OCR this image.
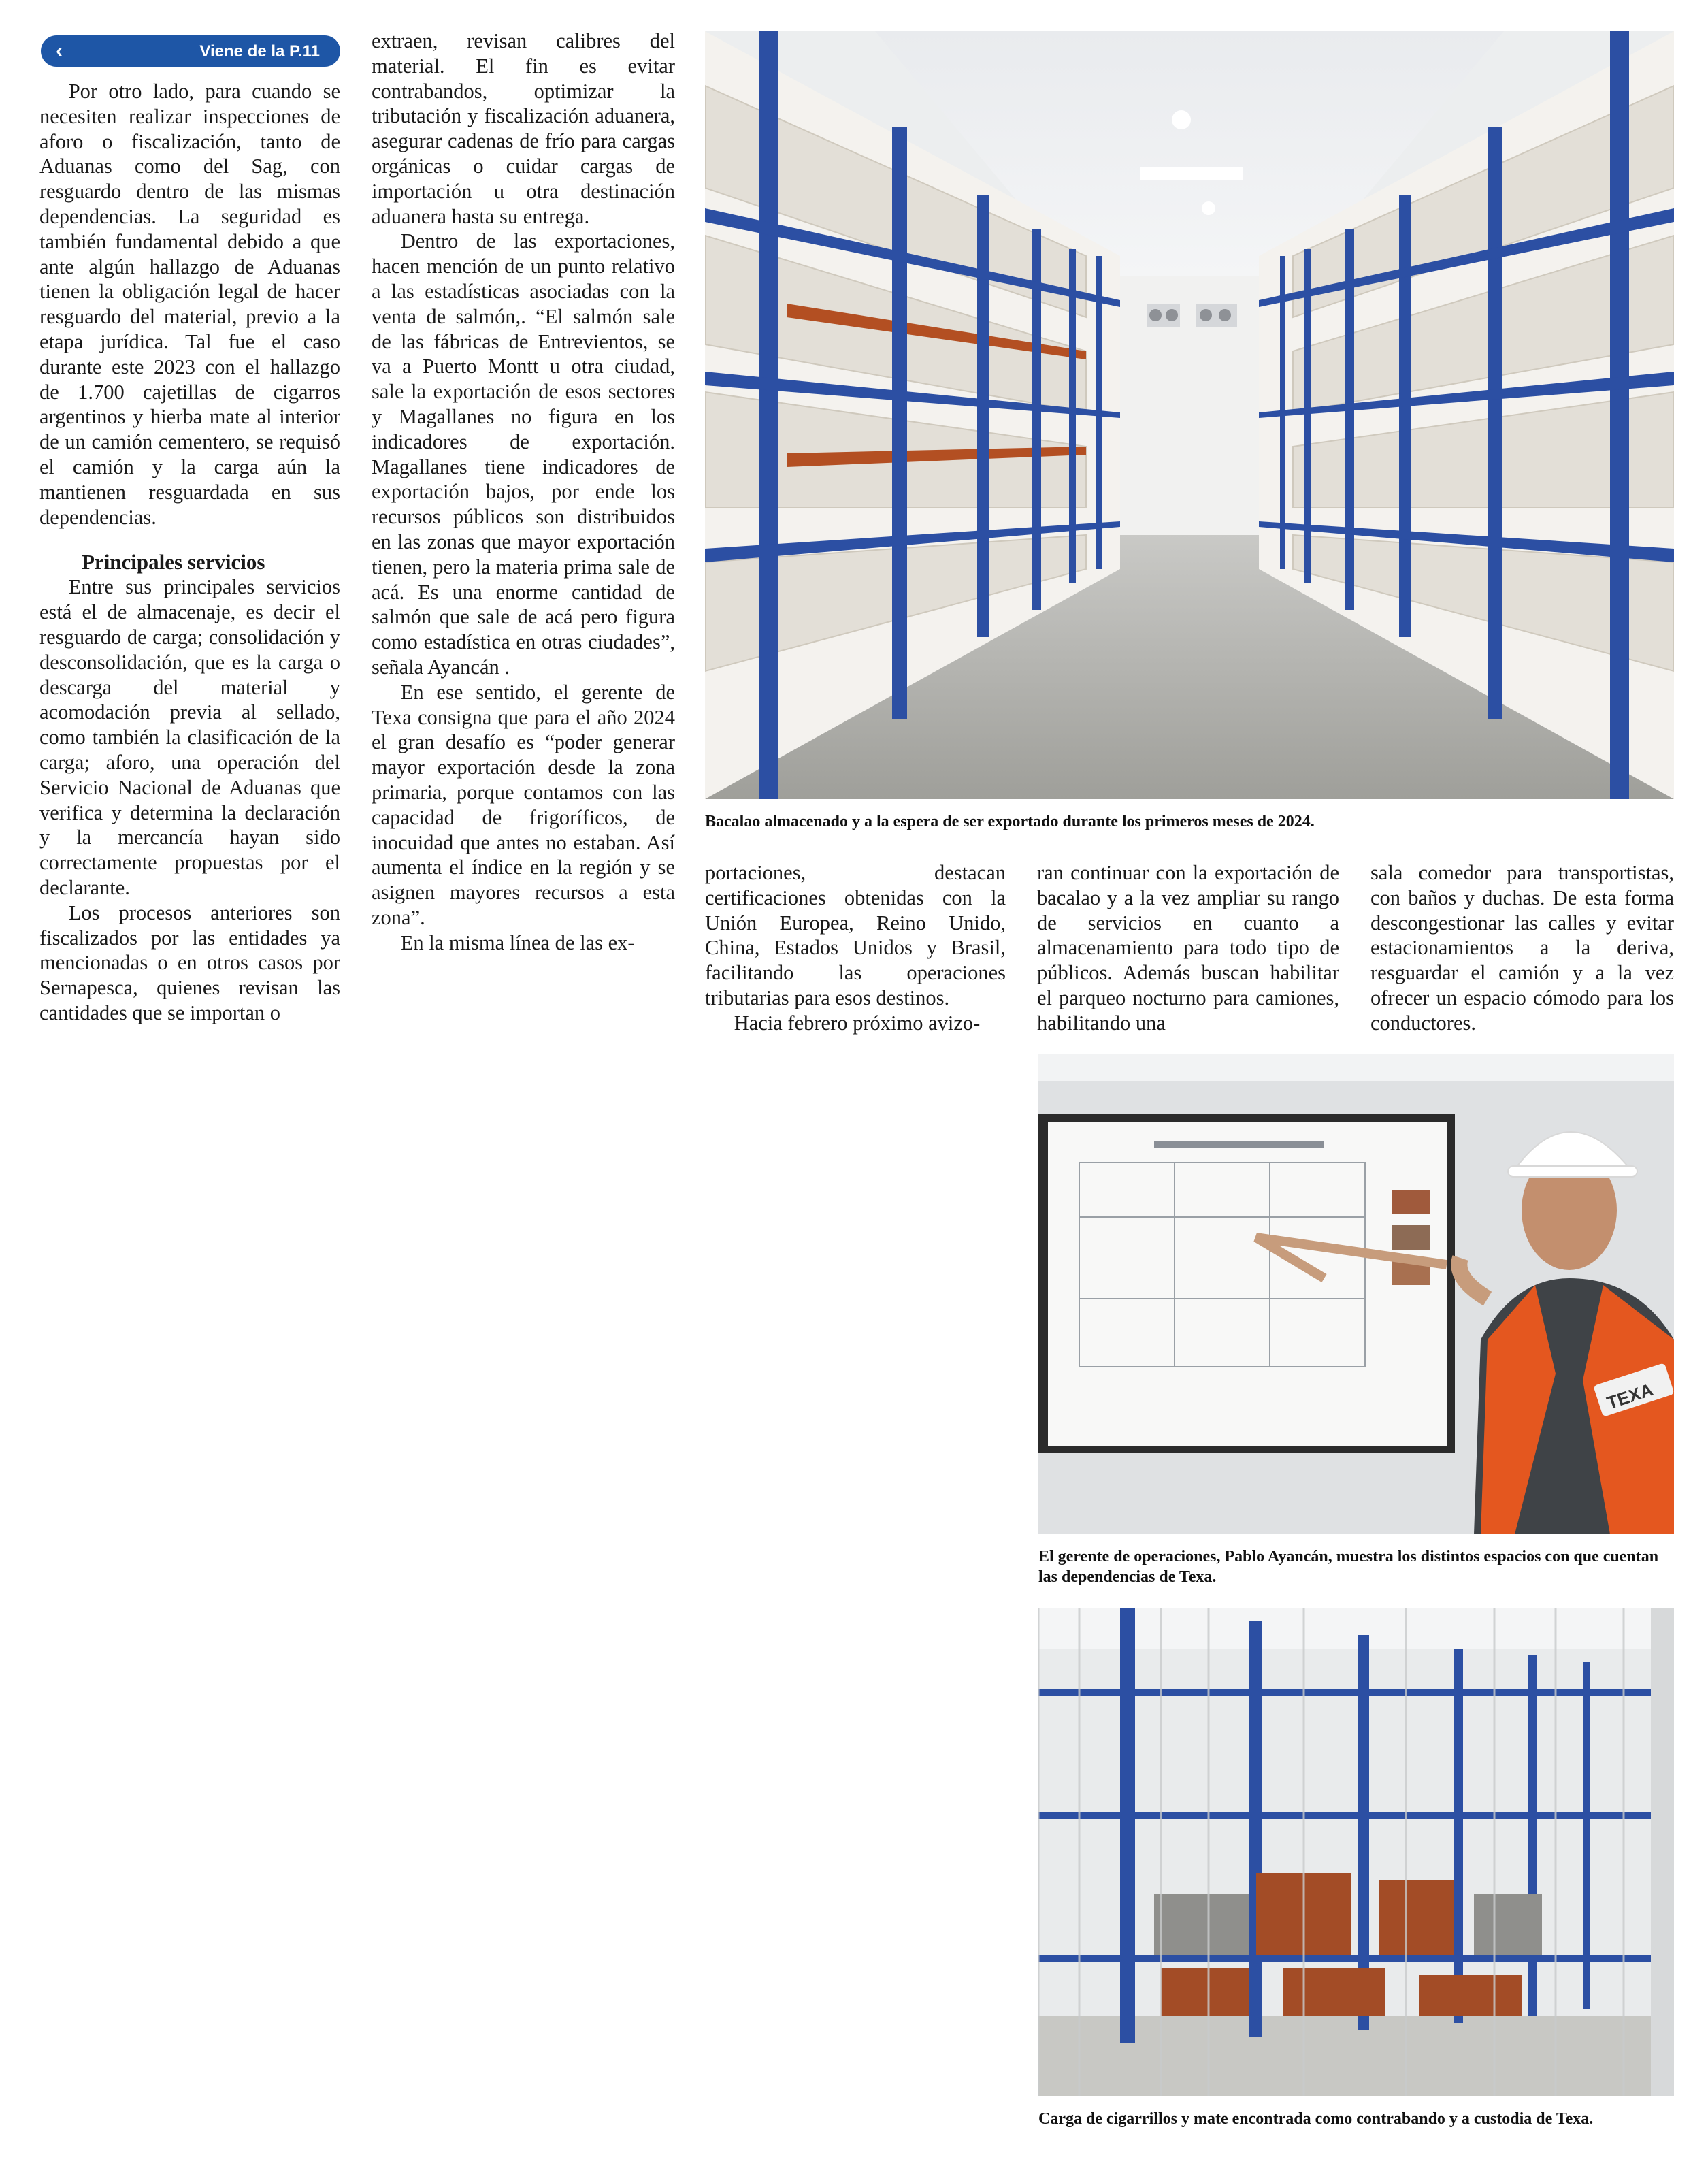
‹	Viene de la P.11

Por otro lado, para cuando se necesiten realizar inspecciones de aforo o fiscalización, tanto de Aduanas como del Sag, con resguardo dentro de las mismas dependencias. La seguridad es también fundamental debido a que ante algún hallazgo de Aduanas tienen la obligación legal de hacer resguardo del material, previo a la etapa jurídica. Tal fue el caso durante este 2023 con el hallazgo de 1.700 cajetillas de cigarros argentinos y hierba mate al interior de un camión cementero, se requisó el camión y la carga aún la mantienen resguardada en sus dependencias.

Principales servicios

Entre sus principales servicios está el de almacenaje, es decir el resguardo de carga; consolidación y desconsolidación, que es la carga o descarga del material y acomodación previa al sellado, como también la clasificación de la carga; aforo, una operación del Servicio Nacional de Aduanas que verifica y determina la declaración y la mercancía hayan sido correctamente propuestas por el declarante.

Los procesos anteriores son fiscalizados por las entidades ya mencionadas o en otros casos por Sernapesca, quienes revisan las cantidades que se importan o

extraen, revisan calibres del material. El fin es evitar contrabandos, optimizar la tributación y fiscalización aduanera, asegurar cadenas de frío para cargas orgánicas o cuidar cargas de importación u otra destinación aduanera hasta su entrega.

Dentro de las exportaciones, hacen mención de un punto relativo a las estadísticas asociadas con la venta de salmón,. “El salmón sale de las fábricas de Entrevientos, se va a Puerto Montt u otra ciudad, sale la exportación de esos sectores y Magallanes no figura en los indicadores de exportación. Magallanes tiene indicadores de exportación bajos, por ende los recursos públicos son distribuidos en las zonas que mayor exportación tienen, pero la materia prima sale de acá. Es una enorme cantidad de salmón que sale de acá pero figura como estadística en otras ciudades”, señala Ayancán .

En ese sentido, el gerente de Texa consigna que para el año 2024 el gran desafío es “poder generar mayor exportación desde la zona primaria, porque contamos con las capacidad de frigoríficos, de inocuidad que antes no estaban. Así aumenta el índice en la región y se asignen mayores recursos a esta zona”.

En la misma línea de las ex-

Bacalao almacenado y a la espera de ser exportado durante los primeros meses de 2024.

portaciones, destacan certificaciones obtenidas con la Unión Europea, Reino Unido, China, Estados Unidos y Brasil, facilitando las operaciones tributarias para esos destinos.

Hacia febrero próximo avizo-

ran continuar con la exportación de bacalao y a la vez ampliar su rango de servicios en cuanto a almacenamiento para todo tipo de públicos. Además buscan habilitar el parqueo nocturno para camiones, habilitando una

sala comedor para transportistas, con baños y duchas. De esta forma descongestionar las calles y evitar estacionamientos a la deriva, resguardar el camión y a la vez ofrecer un espacio cómodo para los conductores.

TEXA
El gerente de operaciones, Pablo Ayancán, muestra los distintos espacios con que cuentan las dependencias de Texa.
Carga de cigarrillos y mate encontrada como contrabando y a custodia de Texa.
